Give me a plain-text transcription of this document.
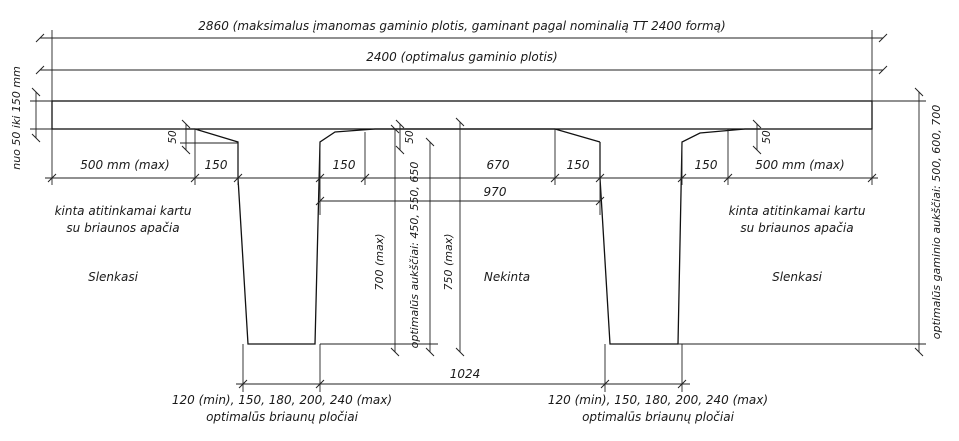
2860 (maksimalus įmanomas gaminio plotis, gaminant pagal nominalią TT 2400 formą)
2400 (optimalus gaminio plotis)
nuo 50 iki 150 mm	optimalūs gaminio aukščiai: 500, 600, 700
50	50	50
500 mm (max)	150	150	670	150	150	500 mm (max)
970
700 (max) optimalūs aukščiai: 450, 550, 650 750 (max)
kinta atitinkamai kartu
su briaunos apačia
kinta atitinkamai kartu
su briaunos apačia
Slenkasi	Slenkasi
Nekinta
1024
120 (min), 150, 180, 200, 240 (max)
optimalūs briaunų pločiai
120 (min), 150, 180, 200, 240 (max)
optimalūs briaunų pločiai
